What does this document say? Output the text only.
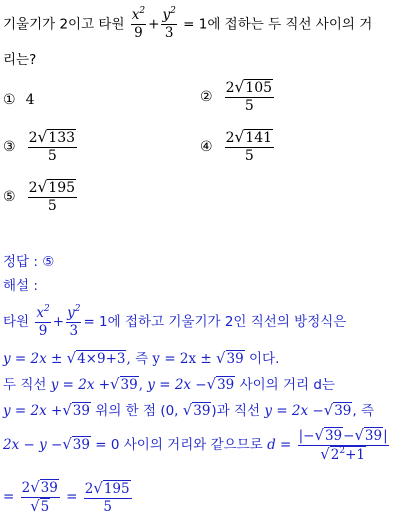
기울기가 2이고 타원 $\frac{x^2}{9} + \frac{y^2}{3} = 1$에 접하는 두 직선 사이의 거
리는?
① 4	② $\frac{2√105}{5}$
③ $\frac{2√133}{5}$	④ $\frac{2√141}{5}$
⑤ $\frac{2√195}{5}$
정답 : ⑤
해설 :
타원 $\frac{x^2}{9} + \frac{y^2}{3} = 1$에 접하고 기울기가 2인 직선의 방정식은
y = 2x ± √4×9+3, 즉 y = 2x ± √39 이다.
두 직선 y = 2x +√39, y = 2x −√39 사이의 거리 d는
y = 2x +√39 위의 한 점 (0, √39)과 직선 y = 2x −√39, 즉
2x − y −√39 = 0 사이의 거리와 같으므로 $d = \frac{|-√39-√39|}{√2^2+1}$
= $\frac{2√39}{√5} = \frac{2√195}{5}$
